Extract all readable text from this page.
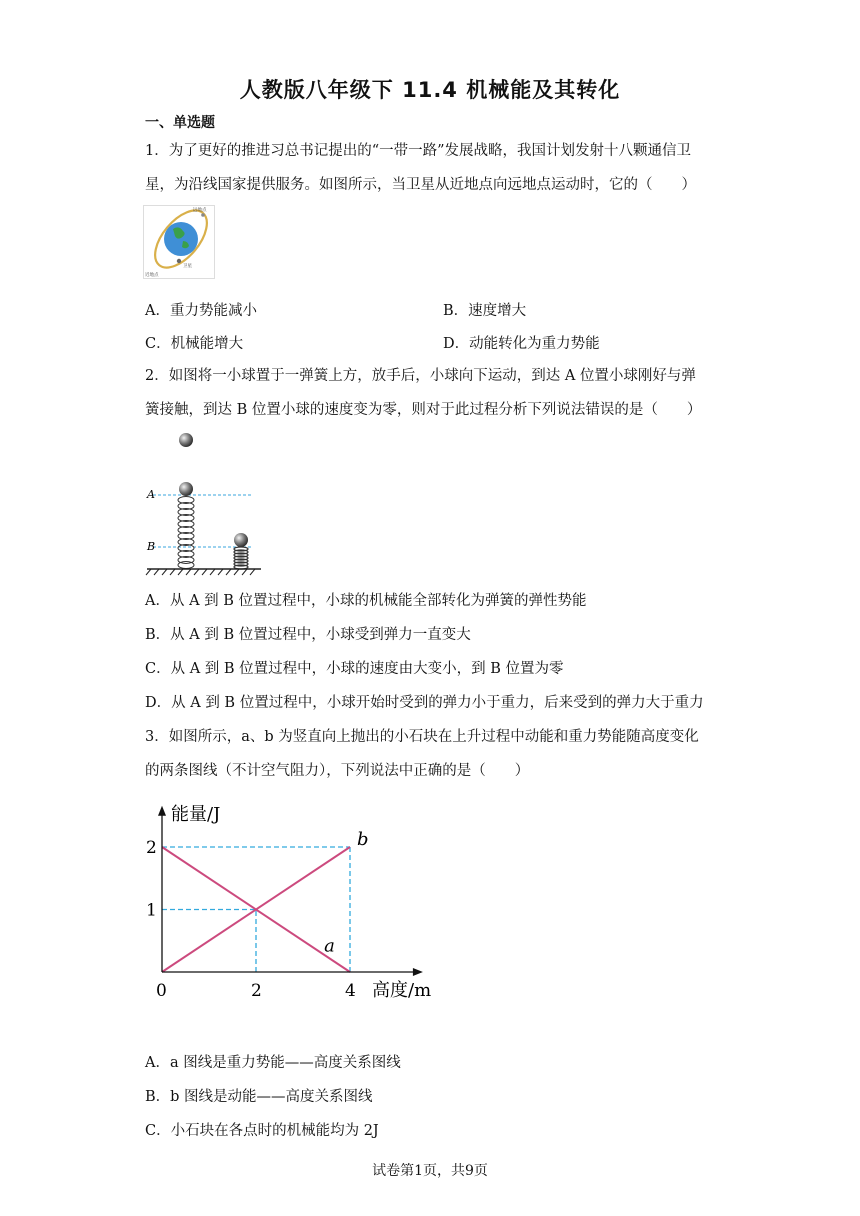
人教版八年级下 11.4 机械能及其转化
一、单选题
1．为了更好的推进习总书记提出的“一带一路”发展战略，我国计划发射十八颗通信卫
星，为沿线国家提供服务。如图所示，当卫星从近地点向远地点运动时，它的（　　）
远地点
卫星
近地点
A．重力势能减小	B．速度增大
C．机械能增大	D．动能转化为重力势能
2．如图将一小球置于一弹簧上方，放手后，小球向下运动，到达 A 位置小球刚好与弹
簧接触，到达 B 位置小球的速度变为零，则对于此过程分析下列说法错误的是（　　）
A
B
A．从 A 到 B 位置过程中，小球的机械能全部转化为弹簧的弹性势能
B．从 A 到 B 位置过程中，小球受到弹力一直变大
C．从 A 到 B 位置过程中，小球的速度由大变小，到 B 位置为零
D．从 A 到 B 位置过程中，小球开始时受到的弹力小于重力，后来受到的弹力大于重力
3．如图所示，a、b 为竖直向上抛出的小石块在上升过程中动能和重力势能随高度变化
的两条图线（不计空气阻力），下列说法中正确的是（　　）
能量/J
高度/m
0	2	4
1
2
a
b
A．a 图线是重力势能——高度关系图线
B．b 图线是动能——高度关系图线
C．小石块在各点时的机械能均为 2J
试卷第1页，共9页
